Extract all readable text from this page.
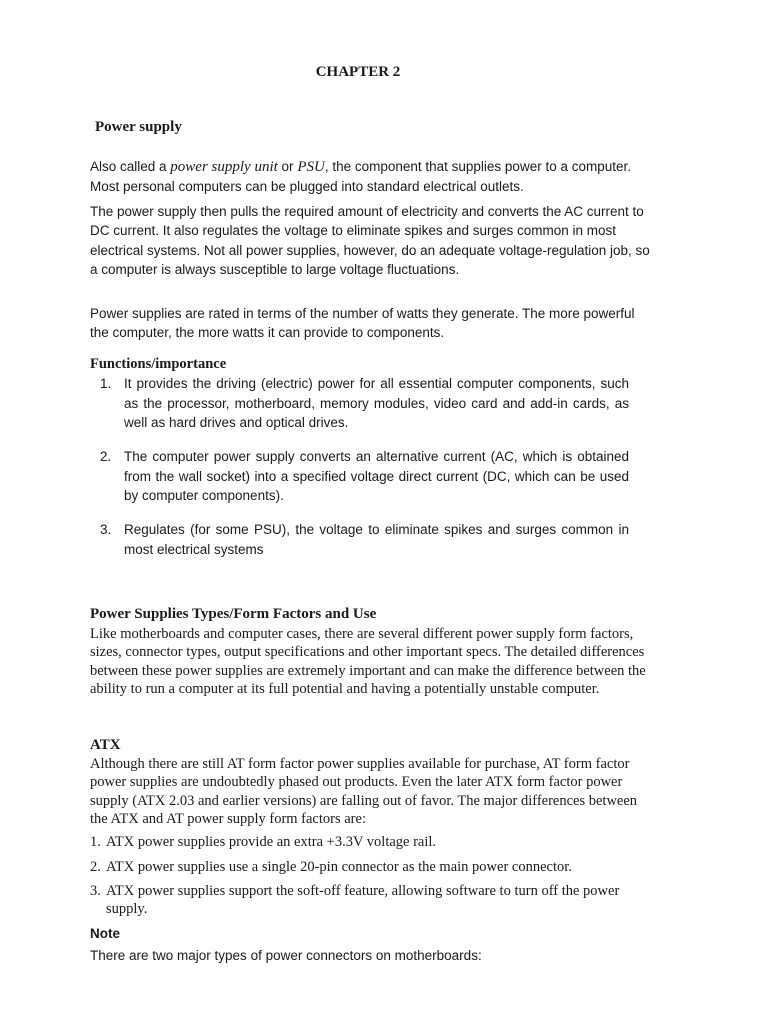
CHAPTER 2
Power supply
Also called a power supply unit or PSU, the component that supplies power to a computer. Most personal computers can be plugged into standard electrical outlets.
The power supply then pulls the required amount of electricity and converts the AC current to DC current. It also regulates the voltage to eliminate spikes and surges common in most electrical systems. Not all power supplies, however, do an adequate voltage-regulation job, so a computer is always susceptible to large voltage fluctuations.
Power supplies are rated in terms of the number of watts they generate. The more powerful the computer, the more watts it can provide to components.
Functions/importance
1. It provides the driving (electric) power for all essential computer components, such as the processor, motherboard, memory modules, video card and add-in cards, as well as hard drives and optical drives.
2. The computer power supply converts an alternative current (AC, which is obtained from the wall socket) into a specified voltage direct current (DC, which can be used by computer components).
3. Regulates (for some PSU), the voltage to eliminate spikes and surges common in most electrical systems
Power Supplies Types/Form Factors and Use
Like motherboards and computer cases, there are several different power supply form factors, sizes, connector types, output specifications and other important specs. The detailed differences between these power supplies are extremely important and can make the difference between the ability to run a computer at its full potential and having a potentially unstable computer.
ATX
Although there are still AT form factor power supplies available for purchase, AT form factor power supplies are undoubtedly phased out products. Even the later ATX form factor power supply (ATX 2.03 and earlier versions) are falling out of favor. The major differences between the ATX and AT power supply form factors are:
1. ATX power supplies provide an extra +3.3V voltage rail.
2. ATX power supplies use a single 20-pin connector as the main power connector.
3. ATX power supplies support the soft-off feature, allowing software to turn off the power supply.
Note
There are two major types of power connectors on motherboards:
